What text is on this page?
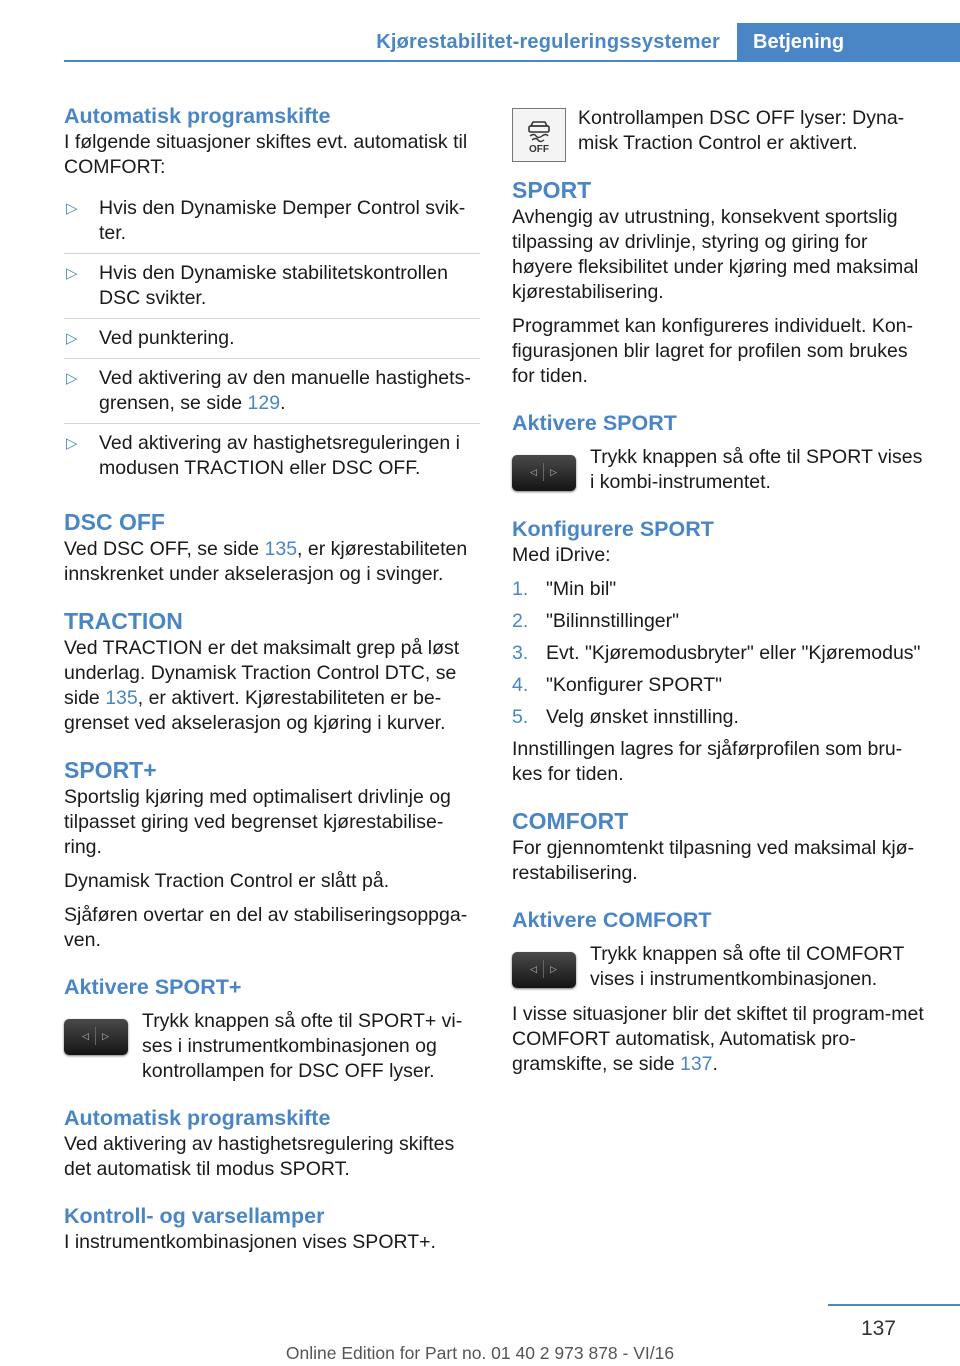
Kjørestabilitet-reguleringssystemer	Betjening
Automatisk programskifte

I følgende situasjoner skiftes evt. automatisk til COMFORT:

▷ Hvis den Dynamiske Demper Control svik-ter.
▷ Hvis den Dynamiske stabilitetskontrollen DSC svikter.
▷ Ved punktering.
▷ Ved aktivering av den manuelle hastighets-grensen, se side 129.
▷ Ved aktivering av hastighetsreguleringen i modusen TRACTION eller DSC OFF.
DSC OFF

Ved DSC OFF, se side 135, er kjørestabiliteten innskrenket under akselerasjon og i svinger.

TRACTION

Ved TRACTION er det maksimalt grep på løst underlag. Dynamisk Traction Control DTC, se side 135, er aktivert. Kjørestabiliteten er be-grenset ved akselerasjon og kjøring i kurver.

SPORT+

Sportslig kjøring med optimalisert drivlinje og tilpasset giring ved begrenset kjørestabilise-ring.

Dynamisk Traction Control er slått på.

Sjåføren overtar en del av stabiliseringsoppga-ven.

Aktivere SPORT+
◁ ▷
Trykk knappen så ofte til SPORT+ vi-ses i instrumentkombinasjonen og kontrollampen for DSC OFF lyser.
Automatisk programskifte

Ved aktivering av hastighetsregulering skiftes det automatisk til modus SPORT.

Kontroll- og varsellamper

I instrumentkombinasjonen vises SPORT+.

OFF
Kontrollampen DSC OFF lyser: Dyna-misk Traction Control er aktivert.
SPORT

Avhengig av utrustning, konsekvent sportslig tilpassing av drivlinje, styring og giring for høyere fleksibilitet under kjøring med maksimal kjørestabilisering.

Programmet kan konfigureres individuelt. Kon-figurasjonen blir lagret for profilen som brukes for tiden.

Aktivere SPORT
◁ ▷
Trykk knappen så ofte til SPORT vises i kombi-instrumentet.
Konfigurere SPORT

Med iDrive:

1. "Min bil"
2. "Bilinnstillinger"
3. Evt. "Kjøremodusbryter" eller "Kjøremodus"
4. "Konfigurer SPORT"
5. Velg ønsket innstilling.

Innstillingen lagres for sjåførprofilen som bru-kes for tiden.

COMFORT

For gjennomtenkt tilpasning ved maksimal kjø-restabilisering.

Aktivere COMFORT
◁ ▷
Trykk knappen så ofte til COMFORT vises i instrumentkombinasjonen.

I visse situasjoner blir det skiftet til program-met COMFORT automatisk, Automatisk pro-gramskifte, se side 137.

137
Online Edition for Part no. 01 40 2 973 878 - VI/16
